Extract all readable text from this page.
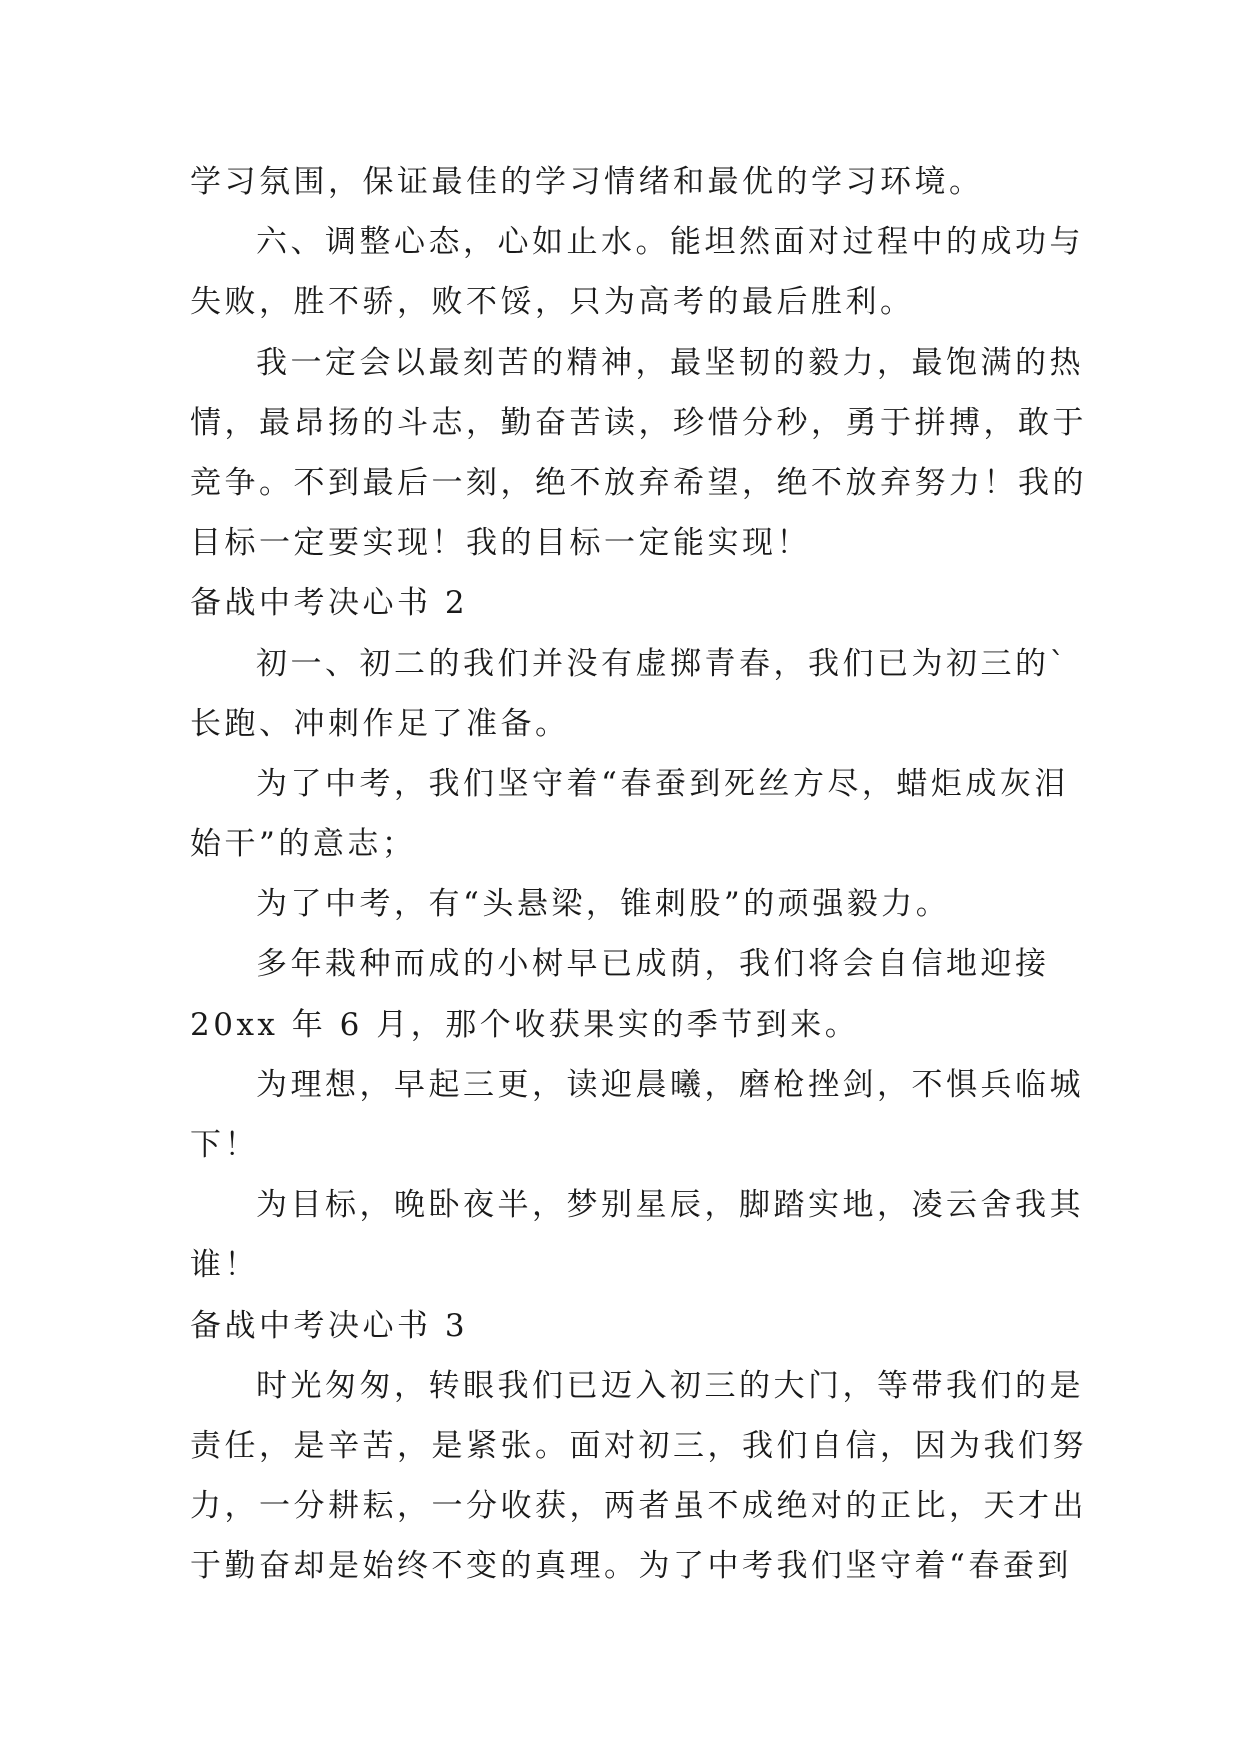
学习氛围，保证最佳的学习情绪和最优的学习环境。
六、调整心态，心如止水。能坦然面对过程中的成功与
失败，胜不骄，败不馁，只为高考的最后胜利。
我一定会以最刻苦的精神，最坚韧的毅力，最饱满的热
情，最昂扬的斗志，勤奋苦读，珍惜分秒，勇于拼搏，敢于
竞争。不到最后一刻，绝不放弃希望，绝不放弃努力！我的
目标一定要实现！我的目标一定能实现！
备战中考决心书 2
初一、初二的我们并没有虚掷青春，我们已为初三的`
长跑、冲刺作足了准备。
为了中考，我们坚守着“春蚕到死丝方尽，蜡炬成灰泪
始干”的意志；
为了中考，有“头悬梁，锥刺股”的顽强毅力。
多年栽种而成的小树早已成荫，我们将会自信地迎接
20xx 年 6 月，那个收获果实的季节到来。
为理想，早起三更，读迎晨曦，磨枪挫剑，不惧兵临城
下！
为目标，晚卧夜半，梦别星辰，脚踏实地，凌云舍我其
谁！
备战中考决心书 3
时光匆匆，转眼我们已迈入初三的大门，等带我们的是
责任，是辛苦，是紧张。面对初三，我们自信，因为我们努
力，一分耕耘，一分收获，两者虽不成绝对的正比，天才出
于勤奋却是始终不变的真理。为了中考我们坚守着“春蚕到
